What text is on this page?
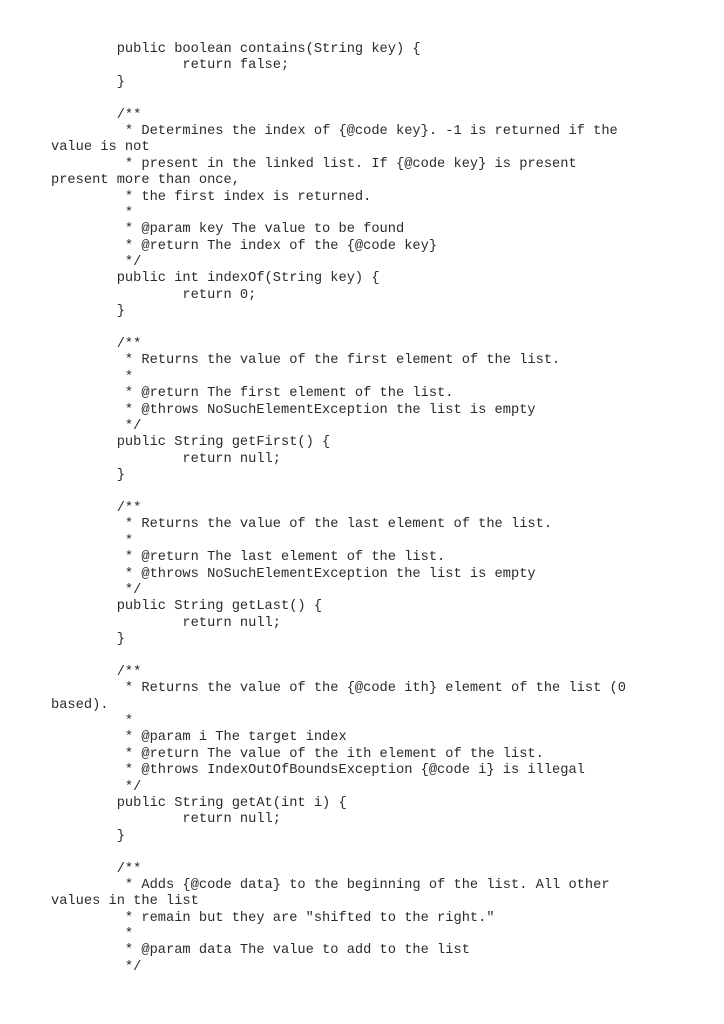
public boolean contains(String key) {
return false;
}
/**
* Determines the index of {@code key}. -1 is returned if the
value is not
* present in the linked list. If {@code key} is present
present more than once,
* the first index is returned.
*
* @param key The value to be found
* @return The index of the {@code key}
*/
public int indexOf(String key) {
return 0;
}
/**
* Returns the value of the first element of the list.
*
* @return The first element of the list.
* @throws NoSuchElementException the list is empty
*/
public String getFirst() {
return null;
}
/**
* Returns the value of the last element of the list.
*
* @return The last element of the list.
* @throws NoSuchElementException the list is empty
*/
public String getLast() {
return null;
}
/**
* Returns the value of the {@code ith} element of the list (0
based).
*
* @param i The target index
* @return The value of the ith element of the list.
* @throws IndexOutOfBoundsException {@code i} is illegal
*/
public String getAt(int i) {
return null;
}
/**
* Adds {@code data} to the beginning of the list. All other
values in the list
* remain but they are "shifted to the right."
*
* @param data The value to add to the list
*/
